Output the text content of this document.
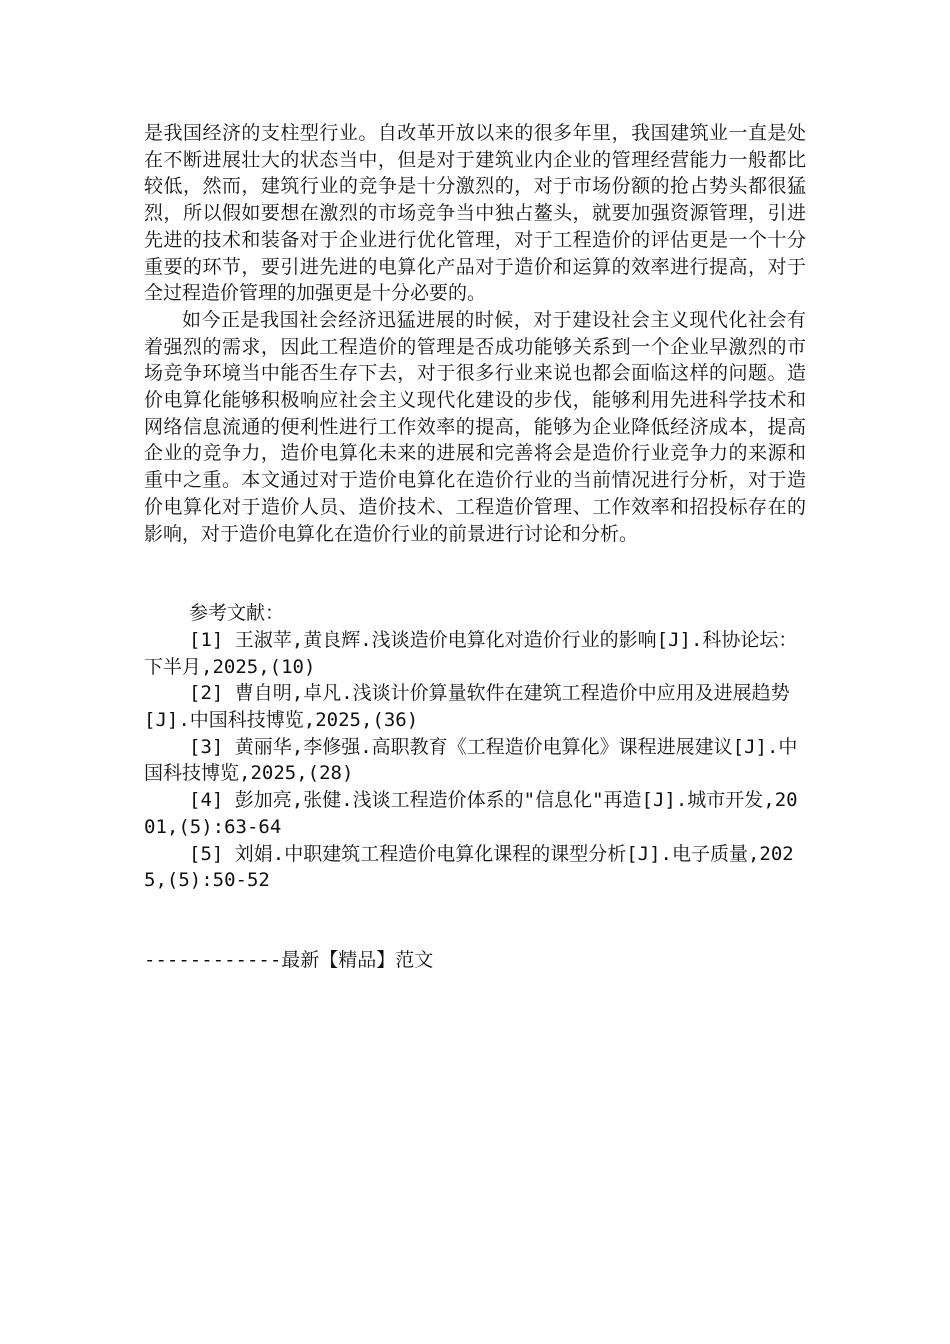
是我国经济的支柱型行业。自改革开放以来的很多年里，我国建筑业一直是处在不断进展壮大的状态当中，但是对于建筑业内企业的管理经营能力一般都比较低，然而，建筑行业的竞争是十分激烈的，对于市场份额的抢占势头都很猛烈，所以假如要想在激烈的市场竞争当中独占鳌头，就要加强资源管理，引进先进的技术和装备对于企业进行优化管理，对于工程造价的评估更是一个十分重要的环节，要引进先进的电算化产品对于造价和运算的效率进行提高，对于全过程造价管理的加强更是十分必要的。

如今正是我国社会经济迅猛进展的时候，对于建设社会主义现代化社会有着强烈的需求，因此工程造价的管理是否成功能够关系到一个企业早激烈的市场竞争环境当中能否生存下去，对于很多行业来说也都会面临这样的问题。造价电算化能够积极响应社会主义现代化建设的步伐，能够利用先进科学技术和网络信息流通的便利性进行工作效率的提高，能够为企业降低经济成本，提高企业的竞争力，造价电算化未来的进展和完善将会是造价行业竞争力的来源和重中之重。本文通过对于造价电算化在造价行业的当前情况进行分析，对于造价电算化对于造价人员、造价技术、工程造价管理、工作效率和招投标存在的影响，对于造价电算化在造价行业的前景进行讨论和分析。

参考文献：

[1] 王淑苹,黄良辉.浅谈造价电算化对造价行业的影响[J].科协论坛：下半月,2025,(10)

[2] 曹自明,卓凡.浅谈计价算量软件在建筑工程造价中应用及进展趋势[J].中国科技博览,2025,(36)

[3] 黄丽华,李修强.高职教育《工程造价电算化》课程进展建议[J].中国科技博览,2025,(28)

[4] 彭加亮,张健.浅谈工程造价体系的"信息化"再造[J].城市开发,2001,(5):63-64

[5] 刘娟.中职建筑工程造价电算化课程的课型分析[J].电子质量,2025,(5):50-52

------------最新【精品】范文
